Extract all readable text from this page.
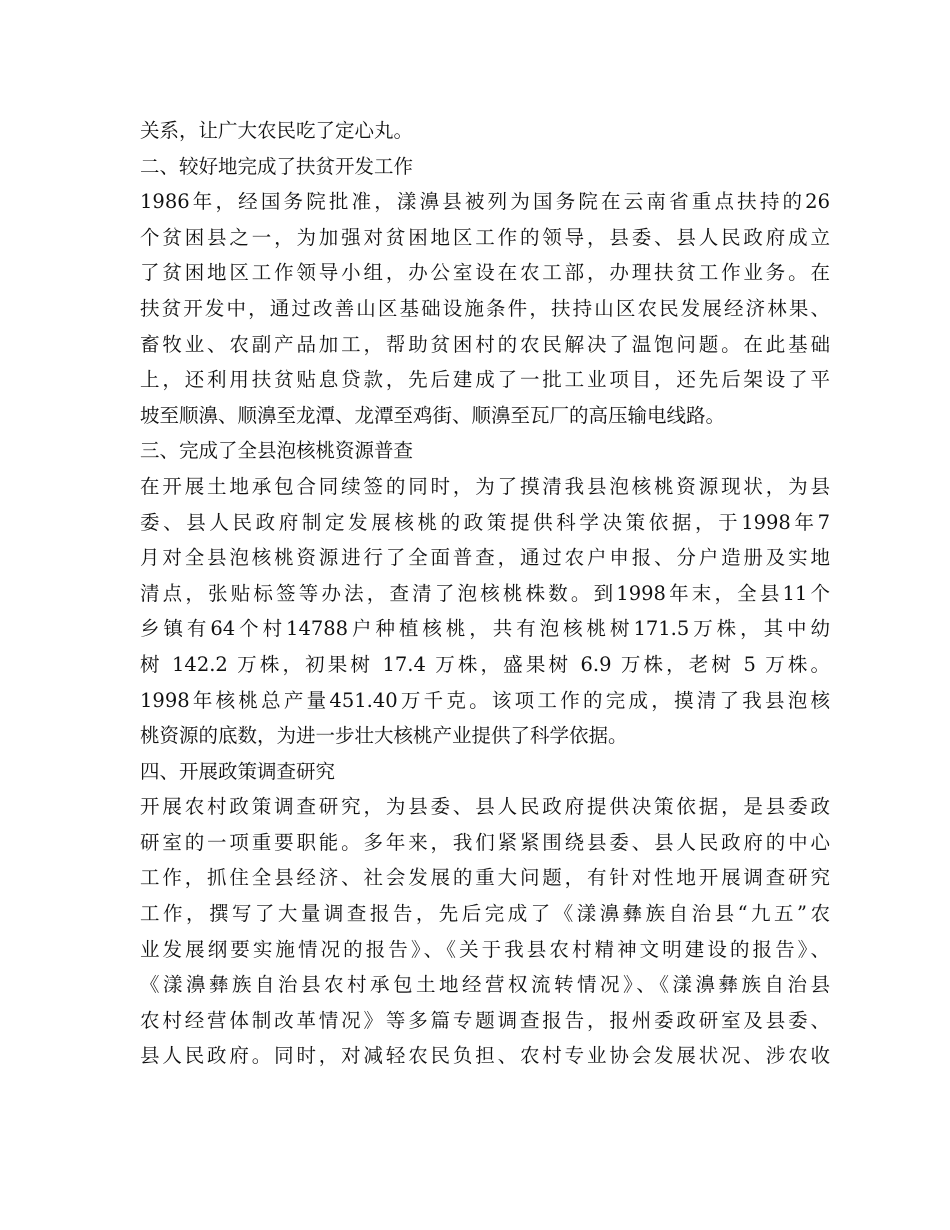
关系，让广大农民吃了定心丸。
二、较好地完成了扶贫开发工作
1986年，经国务院批准，漾濞县被列为国务院在云南省重点扶持的26
个贫困县之一，为加强对贫困地区工作的领导，县委、县人民政府成立
了贫困地区工作领导小组，办公室设在农工部，办理扶贫工作业务。在
扶贫开发中，通过改善山区基础设施条件，扶持山区农民发展经济林果、
畜牧业、农副产品加工，帮助贫困村的农民解决了温饱问题。在此基础
上，还利用扶贫贴息贷款，先后建成了一批工业项目，还先后架设了平
坡至顺濞、顺濞至龙潭、龙潭至鸡街、顺濞至瓦厂的高压输电线路。
三、完成了全县泡核桃资源普查
在开展土地承包合同续签的同时，为了摸清我县泡核桃资源现状，为县
委、县人民政府制定发展核桃的政策提供科学决策依据，于1998年7
月对全县泡核桃资源进行了全面普查，通过农户申报、分户造册及实地
清点，张贴标签等办法，查清了泡核桃株数。到1998年末，全县11个
乡镇有64个村14788户种植核桃，共有泡核桃树171.5万株，其中幼
树 142.2 万株，初果树 17.4 万株，盛果树 6.9 万株，老树 5 万株。
1998年核桃总产量451.40万千克。该项工作的完成，摸清了我县泡核
桃资源的底数，为进一步壮大核桃产业提供了科学依据。
四、开展政策调查研究
开展农村政策调查研究，为县委、县人民政府提供决策依据，是县委政
研室的一项重要职能。多年来，我们紧紧围绕县委、县人民政府的中心
工作，抓住全县经济、社会发展的重大问题，有针对性地开展调查研究
工作，撰写了大量调查报告，先后完成了《漾濞彝族自治县“九五”农
业发展纲要实施情况的报告》、《关于我县农村精神文明建设的报告》、
《漾濞彝族自治县农村承包土地经营权流转情况》、《漾濞彝族自治县
农村经营体制改革情况》等多篇专题调查报告，报州委政研室及县委、
县人民政府。同时，对减轻农民负担、农村专业协会发展状况、涉农收
